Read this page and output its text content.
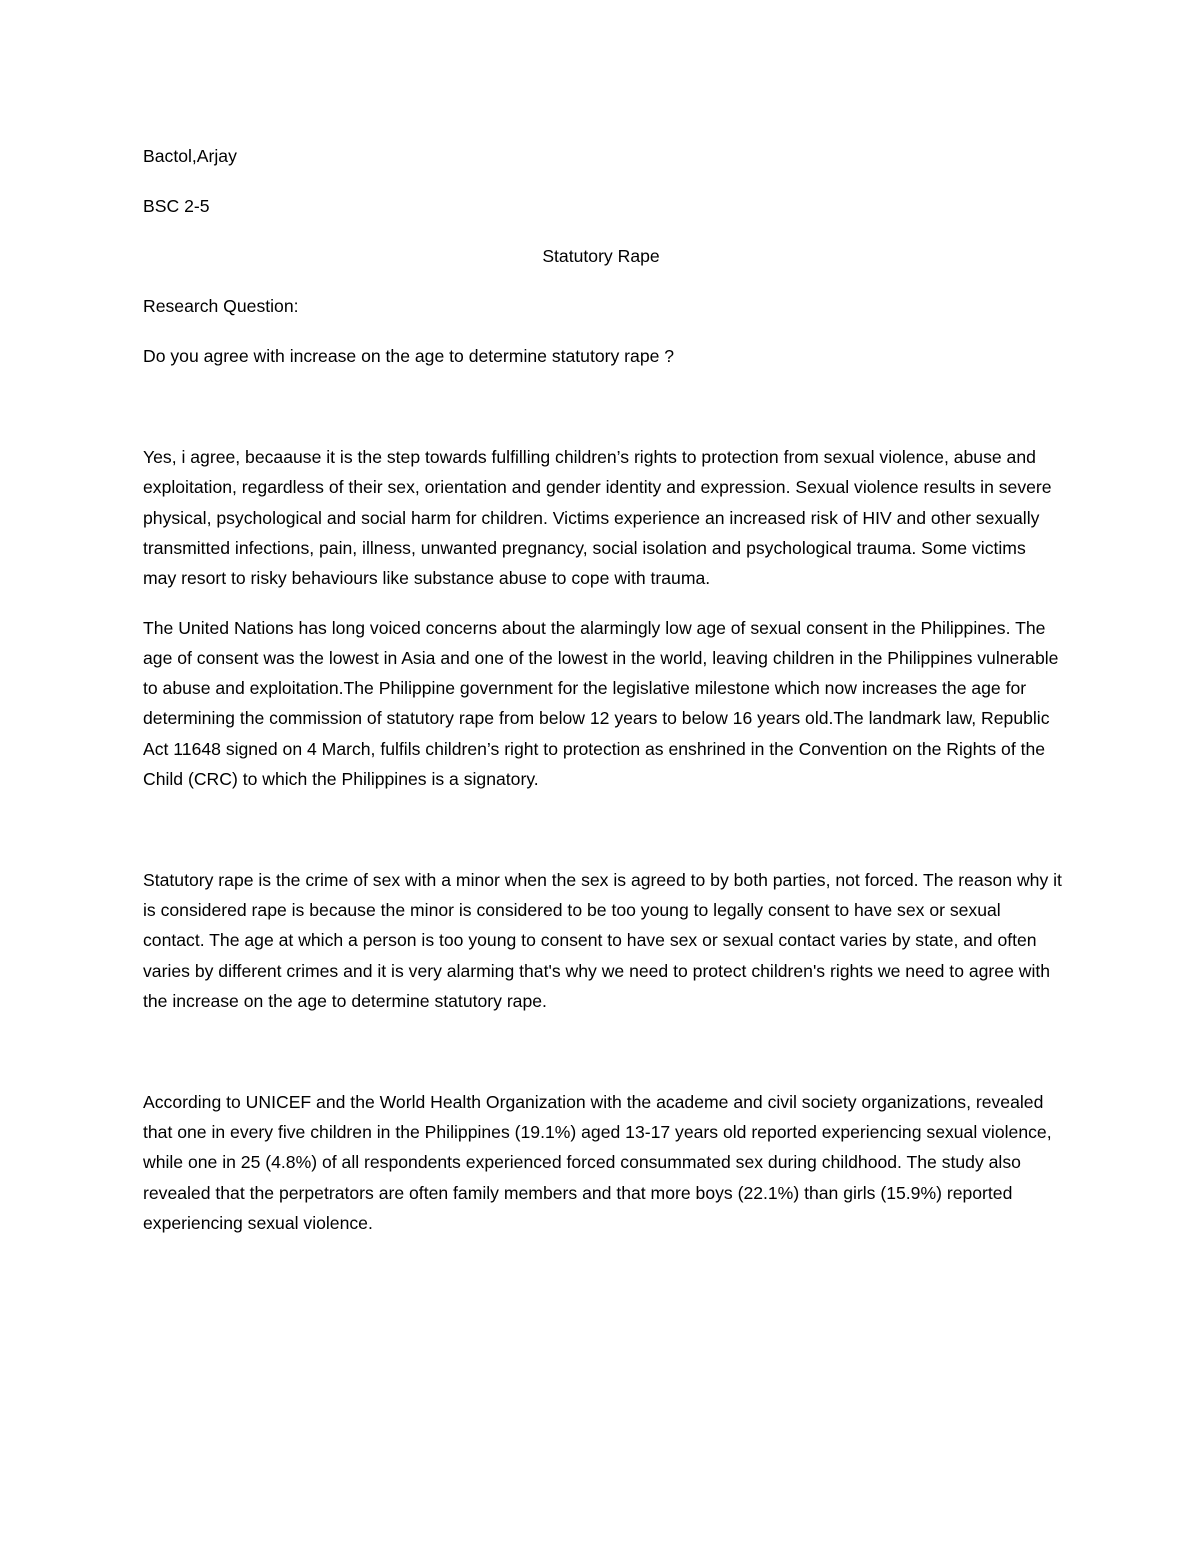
Bactol,Arjay

BSC 2-5

Statutory Rape

Research Question:

Do you agree with increase on the age to determine statutory rape ?

Yes, i agree, becaause it is the step towards fulfilling children’s rights to protection from sexual violence, abuse and exploitation, regardless of their sex, orientation and gender identity and expression. Sexual violence results in severe physical, psychological and social harm for children. Victims experience an increased risk of HIV and other sexually transmitted infections, pain, illness, unwanted pregnancy, social isolation and psychological trauma. Some victims may resort to risky behaviours like substance abuse to cope with trauma.

The United Nations has long voiced concerns about the alarmingly low age of sexual consent in the Philippines. The age of consent was the lowest in Asia and one of the lowest in the world, leaving children in the Philippines vulnerable to abuse and exploitation.The Philippine government for the legislative milestone which now increases the age for determining the commission of statutory rape from below 12 years to below 16 years old.The landmark law, Republic Act 11648 signed on 4 March, fulfils children’s right to protection as enshrined in the Convention on the Rights of the Child (CRC) to which the Philippines is a signatory.

Statutory rape is the crime of sex with a minor when the sex is agreed to by both parties, not forced. The reason why it is considered rape is because the minor is considered to be too young to legally consent to have sex or sexual contact. The age at which a person is too young to consent to have sex or sexual contact varies by state, and often varies by different crimes and it is very alarming that's why we need to protect children's rights we need to agree with the increase on the age to determine statutory rape.

According to UNICEF and the World Health Organization with the academe and civil society organizations, revealed that one in every five children in the Philippines (19.1%) aged 13-17 years old reported experiencing sexual violence, while one in 25 (4.8%) of all respondents experienced forced consummated sex during childhood. The study also revealed that the perpetrators are often family members and that more boys (22.1%) than girls (15.9%) reported experiencing sexual violence.
